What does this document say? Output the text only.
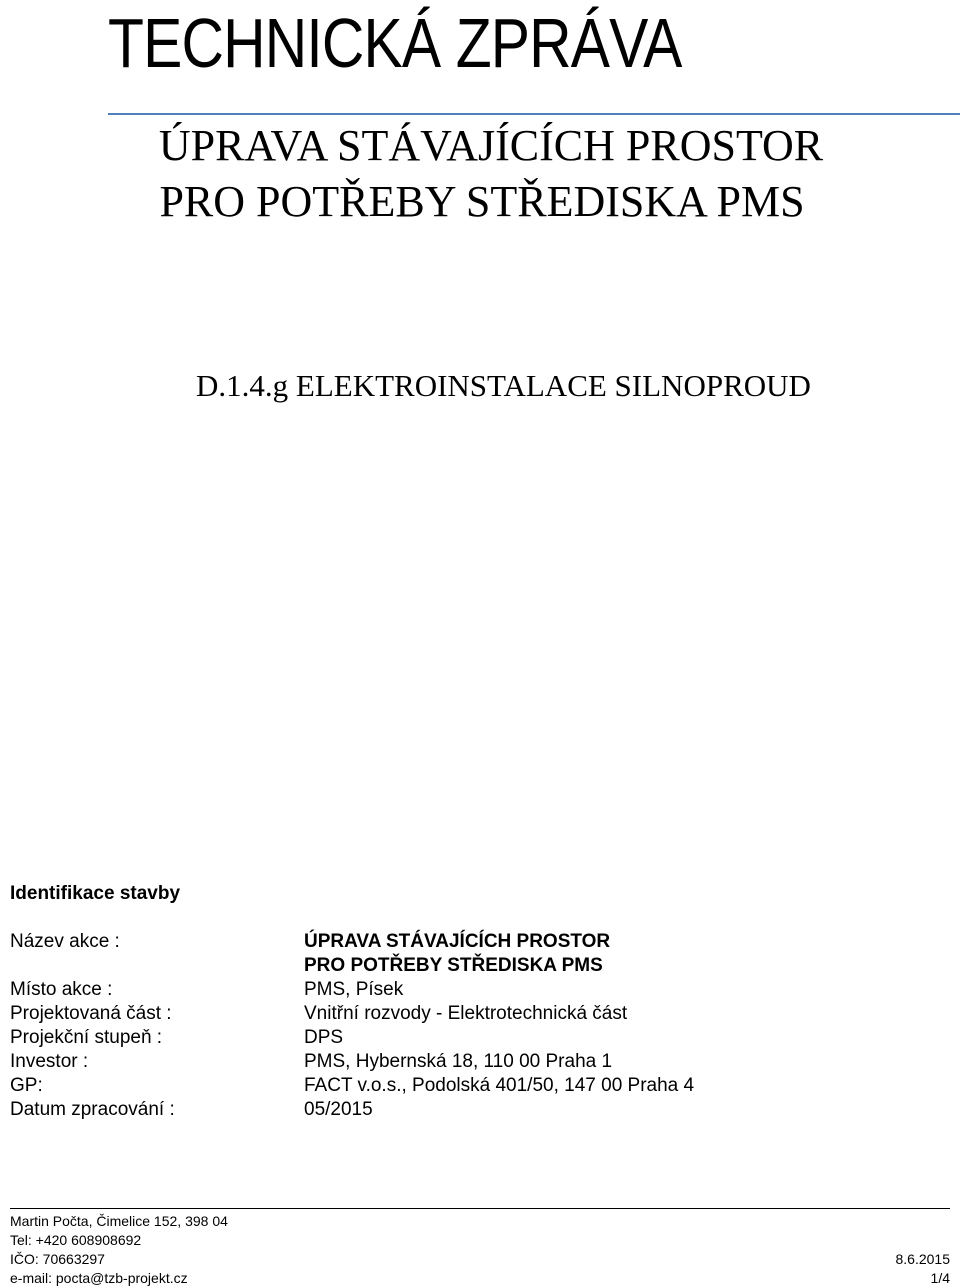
TECHNICKÁ ZPRÁVA
ÚPRAVA STÁVAJÍCÍCH PROSTOR
PRO POTŘEBY STŘEDISKA PMS
D.1.4.g ELEKTROINSTALACE SILNOPROUD
Identifikace stavby
Název akce :	ÚPRAVA STÁVAJÍCÍCH PROSTOR
PRO POTŘEBY STŘEDISKA PMS
Místo akce :	PMS, Písek
Projektovaná část :	Vnitřní rozvody - Elektrotechnická část
Projekční stupeň :	DPS
Investor :	PMS, Hybernská 18, 110 00 Praha 1
GP:	FACT v.o.s., Podolská 401/50, 147 00 Praha 4
Datum zpracování :	05/2015
Martin Počta, Čimelice 152, 398 04
Tel: +420 608908692
IČO: 70663297	8.6.2015
e-mail: pocta@tzb-projekt.cz	1/4
